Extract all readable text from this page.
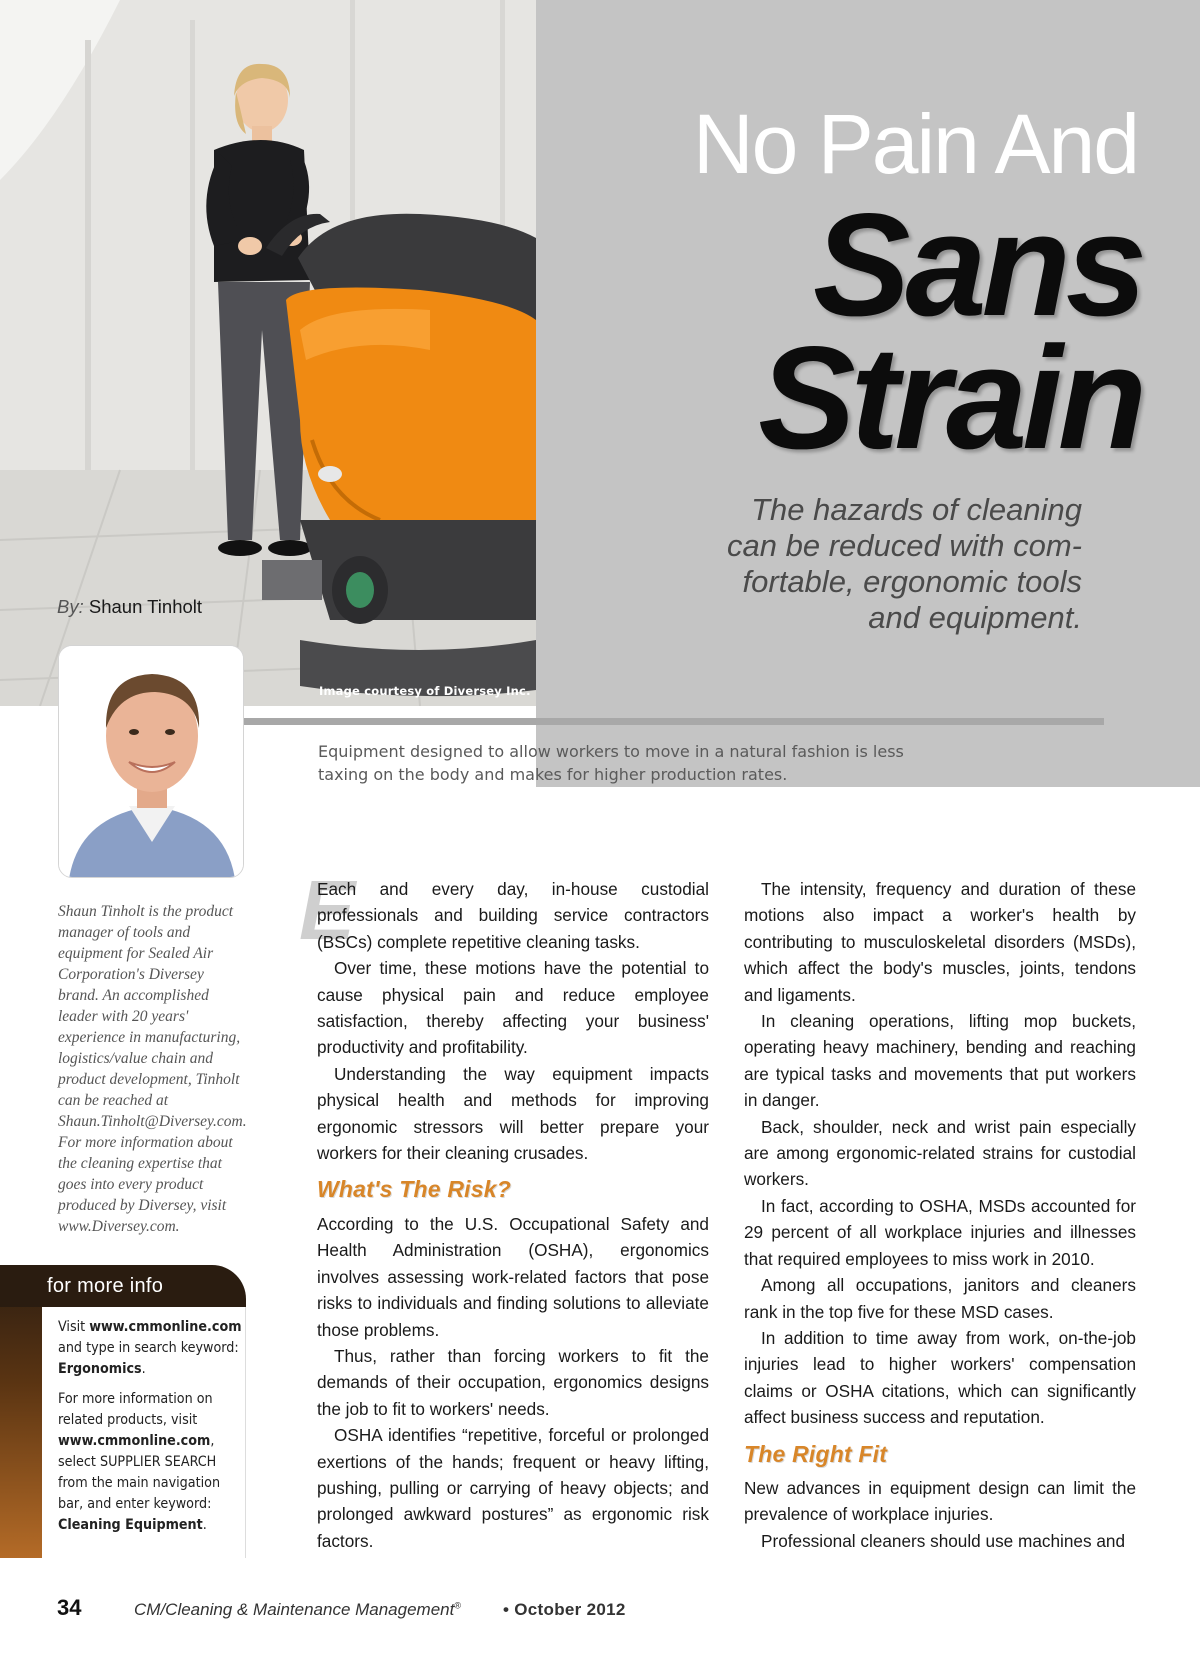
Image courtesy of Diversey Inc.
No Pain And
Sans
Strain
The hazards of cleaning
can be reduced with com-
fortable, ergonomic tools
and equipment.
By: Shaun Tinholt
Equipment designed to allow workers to move in a natural fashion is less taxing on the body and makes for higher production rates.
Shaun Tinholt is the product manager of tools and equipment for Sealed Air Corporation's Diversey brand. An accomplished leader with 20 years' experience in manufacturing, logistics/value chain and product development, Tinholt can be reached at Shaun.Tinholt@Diversey.com. For more information about the cleaning expertise that goes into every product produced by Diversey, visit www.Diversey.com.
for more info

Visit www.cmmonline.com and type in search keyword: Ergonomics.

For more information on related products, visit www.cmmonline.com, select SUPPLIER SEARCH from the main navigation bar, and enter keyword: Cleaning Equipment.

E
Each and every day, in-house custodial professionals and building service contractors (BSCs) complete repetitive cleaning tasks.

Over time, these motions have the potential to cause physical pain and reduce employee satisfaction, thereby affecting your business' productivity and profitability.

Understanding the way equipment impacts physical health and methods for improving ergonomic stressors will better prepare your workers for their cleaning crusades.

What's The Risk?

According to the U.S. Occupational Safety and Health Administration (OSHA), ergonomics involves assessing work-related factors that pose risks to individuals and finding solutions to alleviate those problems.

Thus, rather than forcing workers to fit the demands of their occupation, ergonomics designs the job to fit to workers' needs.

OSHA identifies “repetitive, forceful or prolonged exertions of the hands; frequent or heavy lifting, pushing, pulling or carrying of heavy objects; and prolonged awkward postures” as ergonomic risk factors.

The intensity, frequency and duration of these motions also impact a worker's health by contributing to musculoskeletal disorders (MSDs), which affect the body's muscles, joints, tendons and ligaments.

In cleaning operations, lifting mop buckets, operating heavy machinery, bending and reaching are typical tasks and movements that put workers in danger.

Back, shoulder, neck and wrist pain especially are among ergonomic-related strains for custodial workers.

In fact, according to OSHA, MSDs accounted for 29 percent of all workplace injuries and illnesses that required employees to miss work in 2010.

Among all occupations, janitors and cleaners rank in the top five for these MSD cases.

In addition to time away from work, on-the-job injuries lead to higher workers' compensation claims or OSHA citations, which can significantly affect business success and reputation.

The Right Fit

New advances in equipment design can limit the prevalence of workplace injuries.

Professional cleaners should use machines and

34	CM/Cleaning & Maintenance Management® • October 2012
